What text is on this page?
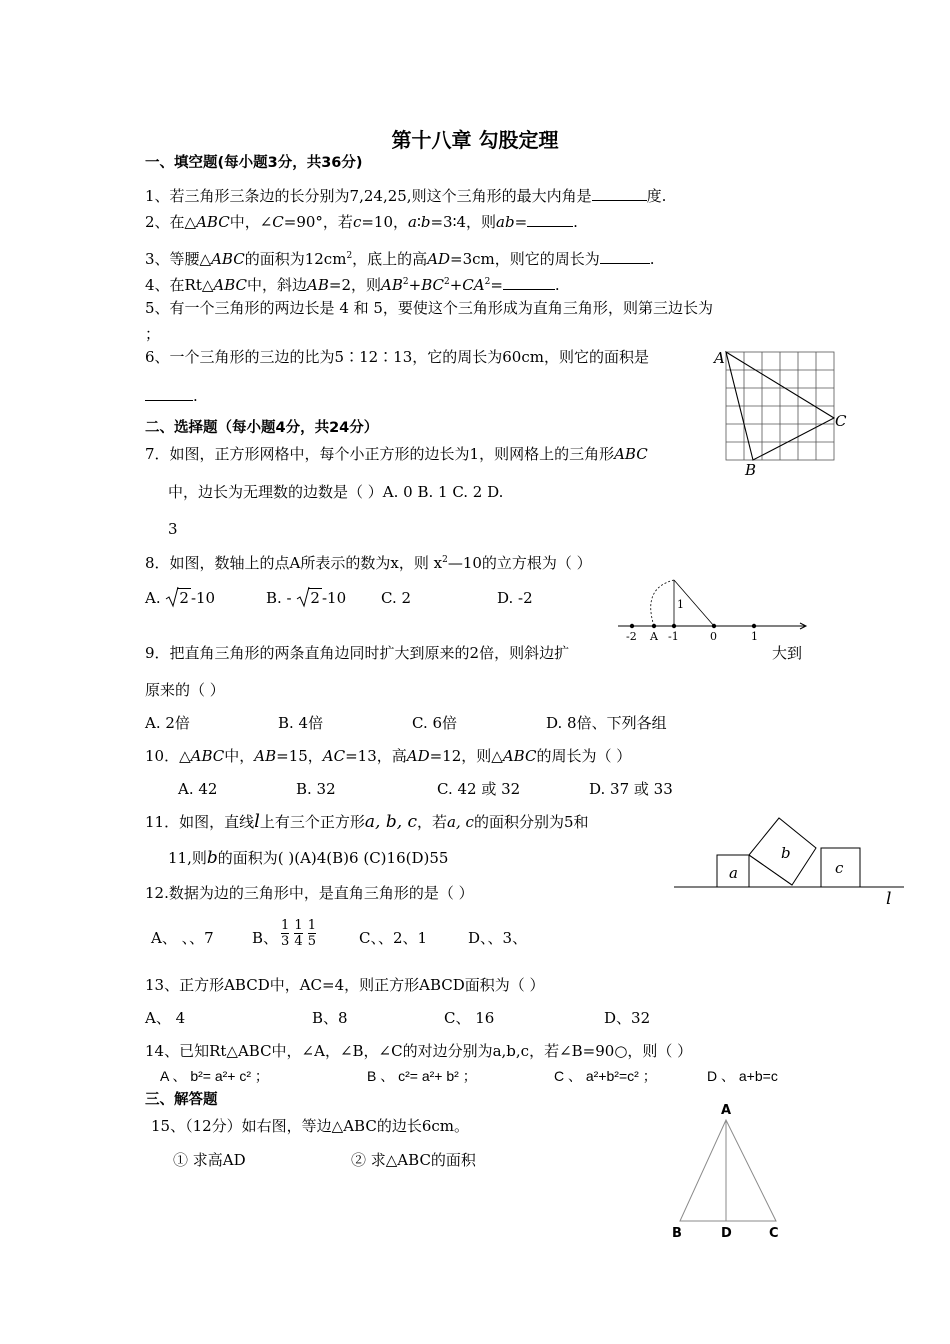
第十八章 勾股定理
一、填空题(每小题3分，共36分)
1、若三角形三条边的长分别为7,24,25,则这个三角形的最大内角是	度.
2、在△ABC中，∠C=90°，若c=10，a∶b=3∶4，则ab=	.
3、等腰△ABC的面积为$12cm^2$，底上的高AD=3cm，则它的周长为	.
4、在Rt△ABC中，斜边AB=2，则$AB^2+BC^2+CA^2=$	.
5、有一个三角形的两边长是 4 和 5，要使这个三角形成为直角三角形，则第三边长为
；
6、一个三角形的三边的比为5∶12∶13，它的周长为60cm，则它的面积是
.
A
C
B
二、选择题（每小题4分，共24分）
7．如图，正方形网格中，每个小正方形的边长为1，则网格上的三角形ABC
中，边长为无理数的边数是（ ）A. 0 B. 1 C. 2 D.
3
8．如图，数轴上的点A所表示的数为x，则 $x^2—10$的立方根为（ ）
A. 2 -10	B. - 2 -10 C. 2	D. -2
-2 A -1	0	1
1
9．把直角三角形的两条直角边同时扩大到原来的2倍，则斜边扩	大到
原来的（ ）
A. 2倍	B. 4倍	C. 6倍	D. 8倍、下列各组
10．△ABC中，AB=15，AC=13，高AD=12，则△ABC的周长为（ ）
A. 42	B. 32	C. 42 或 32	D. 37 或 33
11．如图，直线l上有三个正方形a, b, c，若a, c的面积分别为5和
11,则b的面积为( )(A)4(B)6 (C)16(D)55
a
b
c
l
12.数据为边的三角形中，是直角三角形的是（ ）
A、 、、7	B、 $\frac{1}{3}$
$\frac{1}{4}$
$\frac{1}{5}$	C、、2、1	D、、3、
13、正方形ABCD中，AC=4，则正方形ABCD面积为（ ）
A、 4	B、8	C、 16	D、32
14、已知Rt△ABC中，∠A，∠B，∠C的对边分别为a,b,c，若∠B=90○，则（ ）
A 、 b²= a²+ c² ；	B 、 c²= a²+ b² ；	C 、 a²+b²=c² ；	D 、 a+b=c
三、解答题
15、（12分）如右图，等边△ABC的边长6cm。
① 求高AD	② 求△ABC的面积
A
B	D	C
